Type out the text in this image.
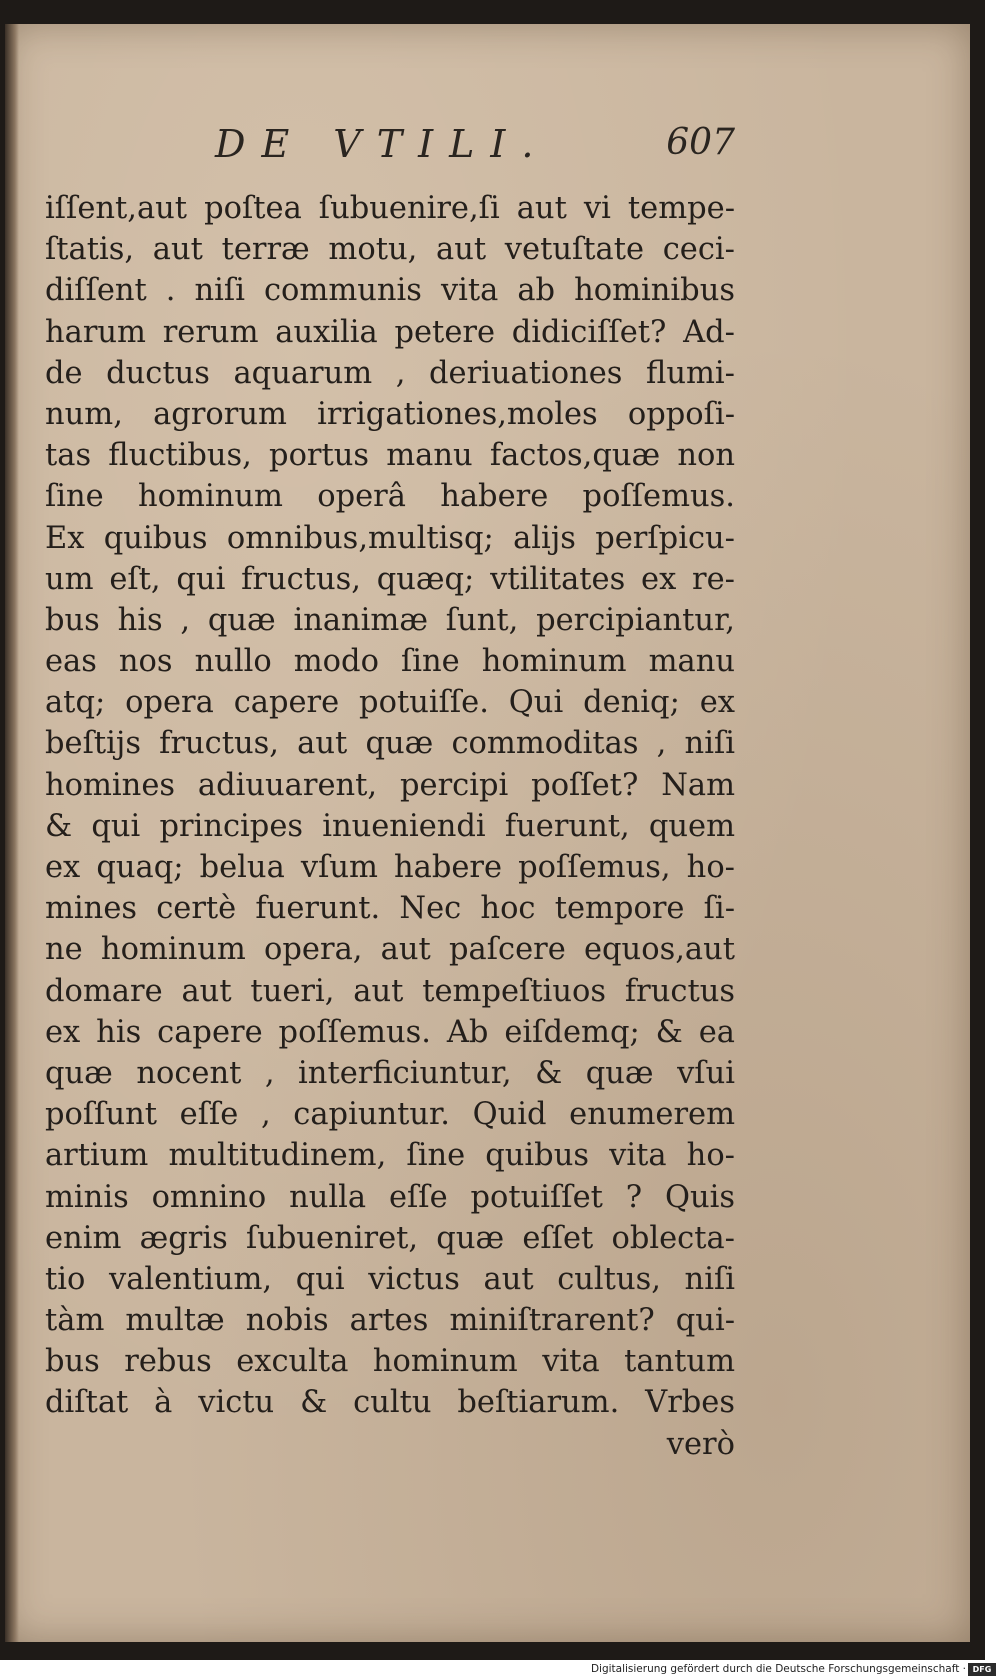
DE VTILI.	607
iſſent,aut poſtea ſubuenire,ſi aut vi tempe-
ſtatis, aut terræ motu, aut vetuſtate ceci-
diſſent . niſi communis vita ab hominibus
harum rerum auxilia petere didiciſſet? Ad-
de ductus aquarum , deriuationes flumi-
num, agrorum irrigationes,moles oppoſi-
tas fluctibus, portus manu factos,quæ non
ſine hominum operâ habere poſſemus.
Ex quibus omnibus,multisq; alijs perſpicu-
um eſt, qui fructus, quæq; vtilitates ex re-
bus his , quæ inanimæ ſunt, percipiantur,
eas nos nullo modo ſine hominum manu
atq; opera capere potuiſſe. Qui deniq; ex
beſtijs fructus, aut quæ commoditas , niſi
homines adiuuarent, percipi poſſet? Nam
& qui principes inueniendi fuerunt, quem
ex quaq; belua vſum habere poſſemus, ho-
mines certè fuerunt. Nec hoc tempore ſi-
ne hominum opera, aut paſcere equos,aut
domare aut tueri, aut tempeſtiuos fructus
ex his capere poſſemus. Ab eiſdemq; & ea
quæ nocent , interficiuntur, & quæ vſui
poſſunt eſſe , capiuntur. Quid enumerem
artium multitudinem, ſine quibus vita ho-
minis omnino nulla eſſe potuiſſet ? Quis
enim ægris ſubueniret, quæ eſſet oblecta-
tio valentium, qui victus aut cultus, niſi
tàm multæ nobis artes miniſtrarent? qui-
bus rebus exculta hominum vita tantum
diſtat à victu & cultu beſtiarum. Vrbes
verò
Digitalisierung gefördert durch die Deutsche Forschungsgemeinschaft · DFG
